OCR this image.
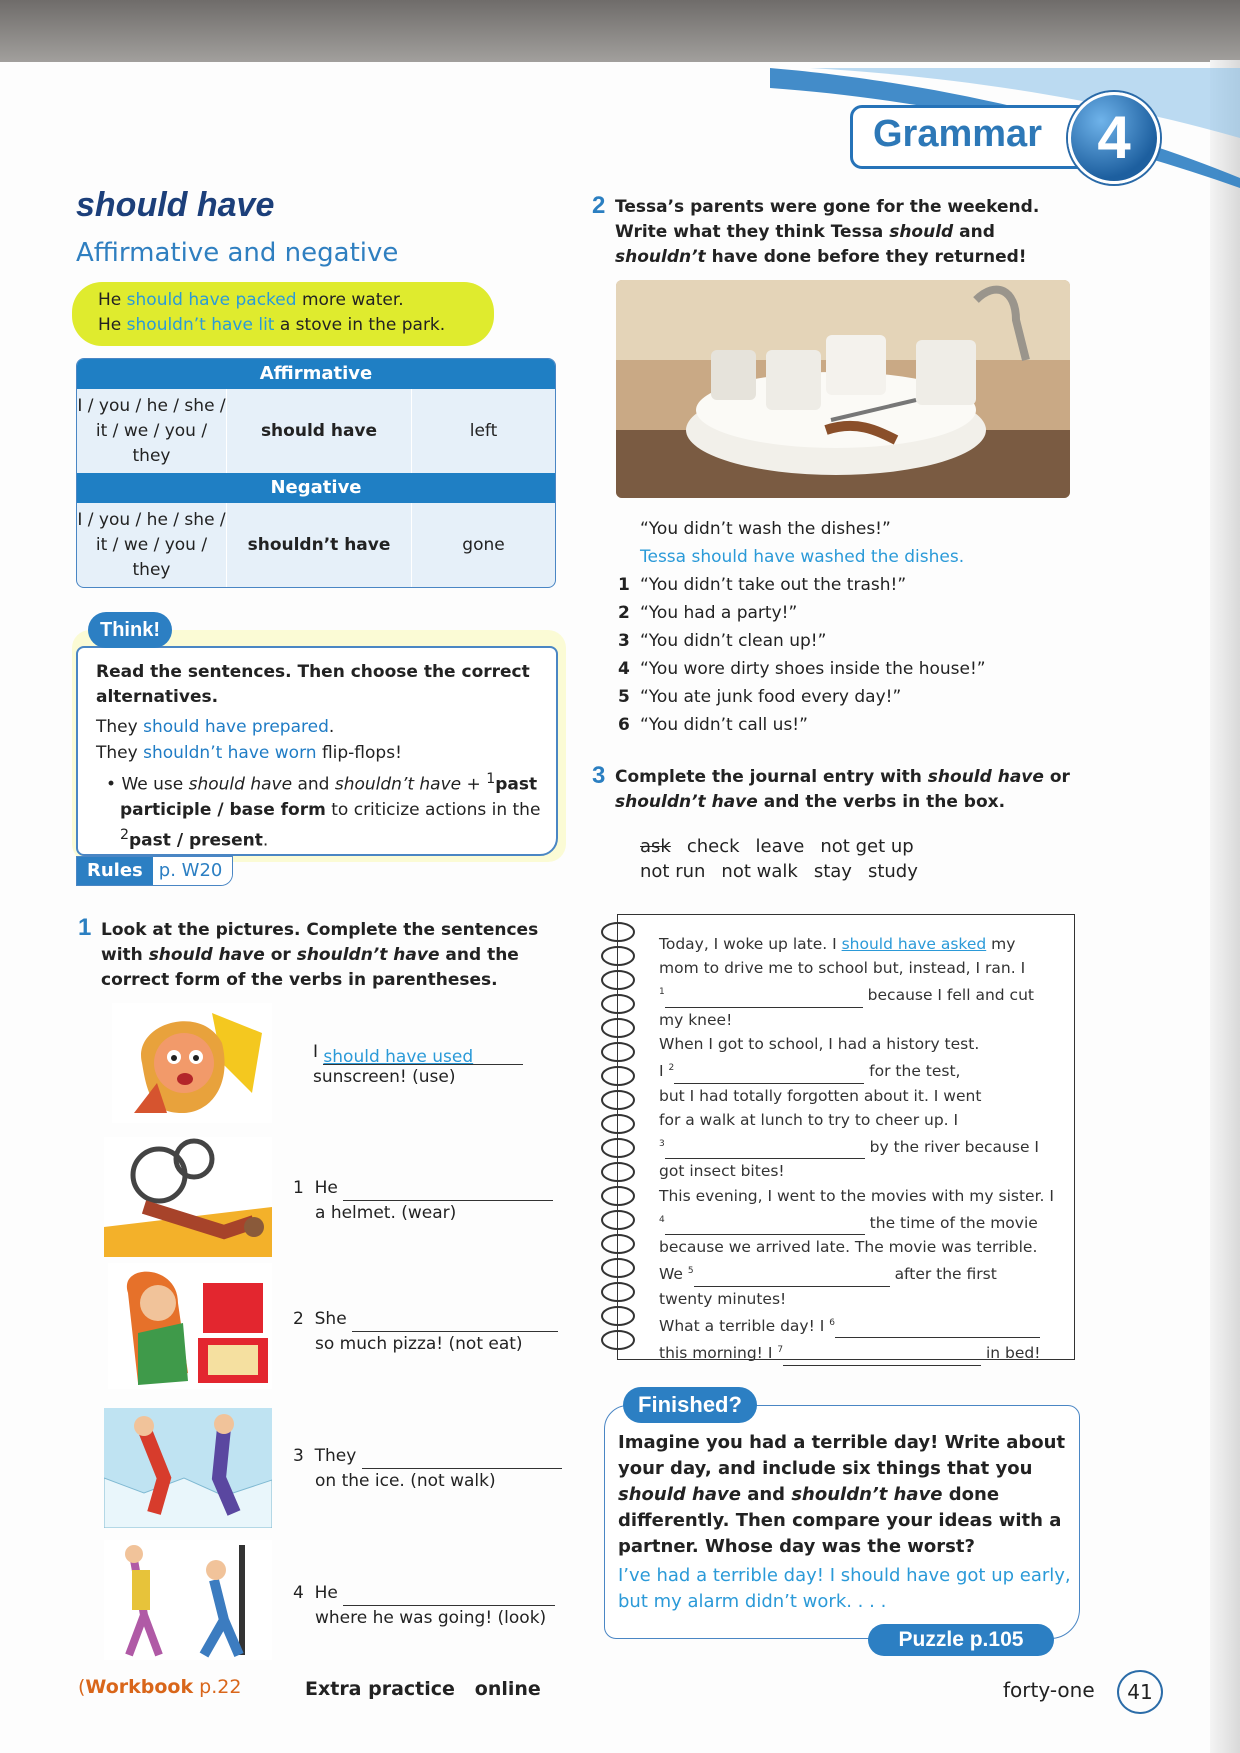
Grammar 4
should have
Affirmative and negative
He should have packed more water.
He shouldn’t have lit a stove in the park.
Affirmative
I / you / he / she / it / we / you / they
should have	left
Negative
I / you / he / she / it / we / you / they
shouldn’t have	gone
Think!
Read the sentences. Then choose the correct alternatives.
They should have prepared.
They shouldn’t have worn flip-flops!
• We use should have and shouldn’t have + $^1$past participle / base form to criticize actions in the $^2$past / present.
Rules p. W20
1 Look at the pictures. Complete the sentences with should have or shouldn’t have and the correct form of the verbs in parentheses.
I should have used
sunscreen! (use)
1 He
a helmet. (wear)
2 She
so much pizza! (not eat)
3 They
on the ice. (not walk)
4 He
where he was going! (look)
2 Tessa’s parents were gone for the weekend. Write what they think Tessa should and shouldn’t have done before they returned!
“You didn’t wash the dishes!”
Tessa should have washed the dishes.
1 “You didn’t take out the trash!”
2 “You had a party!”
3 “You didn’t clean up!”
4 “You wore dirty shoes inside the house!”
5 “You ate junk food every day!”
6 “You didn’t call us!”
3 Complete the journal entry with should have or shouldn’t have and the verbs in the box.
ask check leave not get up
not run not walk stay study
Today, I woke up late. I should have asked my
mom to drive me to school but, instead, I ran. I
$^1$	because I fell and cut
my knee!
When I got to school, I had a history test.
I $^2$	for the test,
but I had totally forgotten about it. I went
for a walk at lunch to try to cheer up. I
$^3$	by the river because I
got insect bites!
This evening, I went to the movies with my sister. I
$^4$	the time of the movie
because we arrived late. The movie was terrible.
We $^5$	after the first
twenty minutes!
What a terrible day! I $^6$
this morning! I $^7$	in bed!
Finished?
Imagine you had a terrible day! Write about your day, and include six things that you should have and shouldn’t have done differently. Then compare your ideas with a partner. Whose day was the worst?
I’ve had a terrible day! I should have got up early, but my alarm didn’t work. . . .
Puzzle p.105
(Workbook p.22	Extra practice online	forty-one	41
